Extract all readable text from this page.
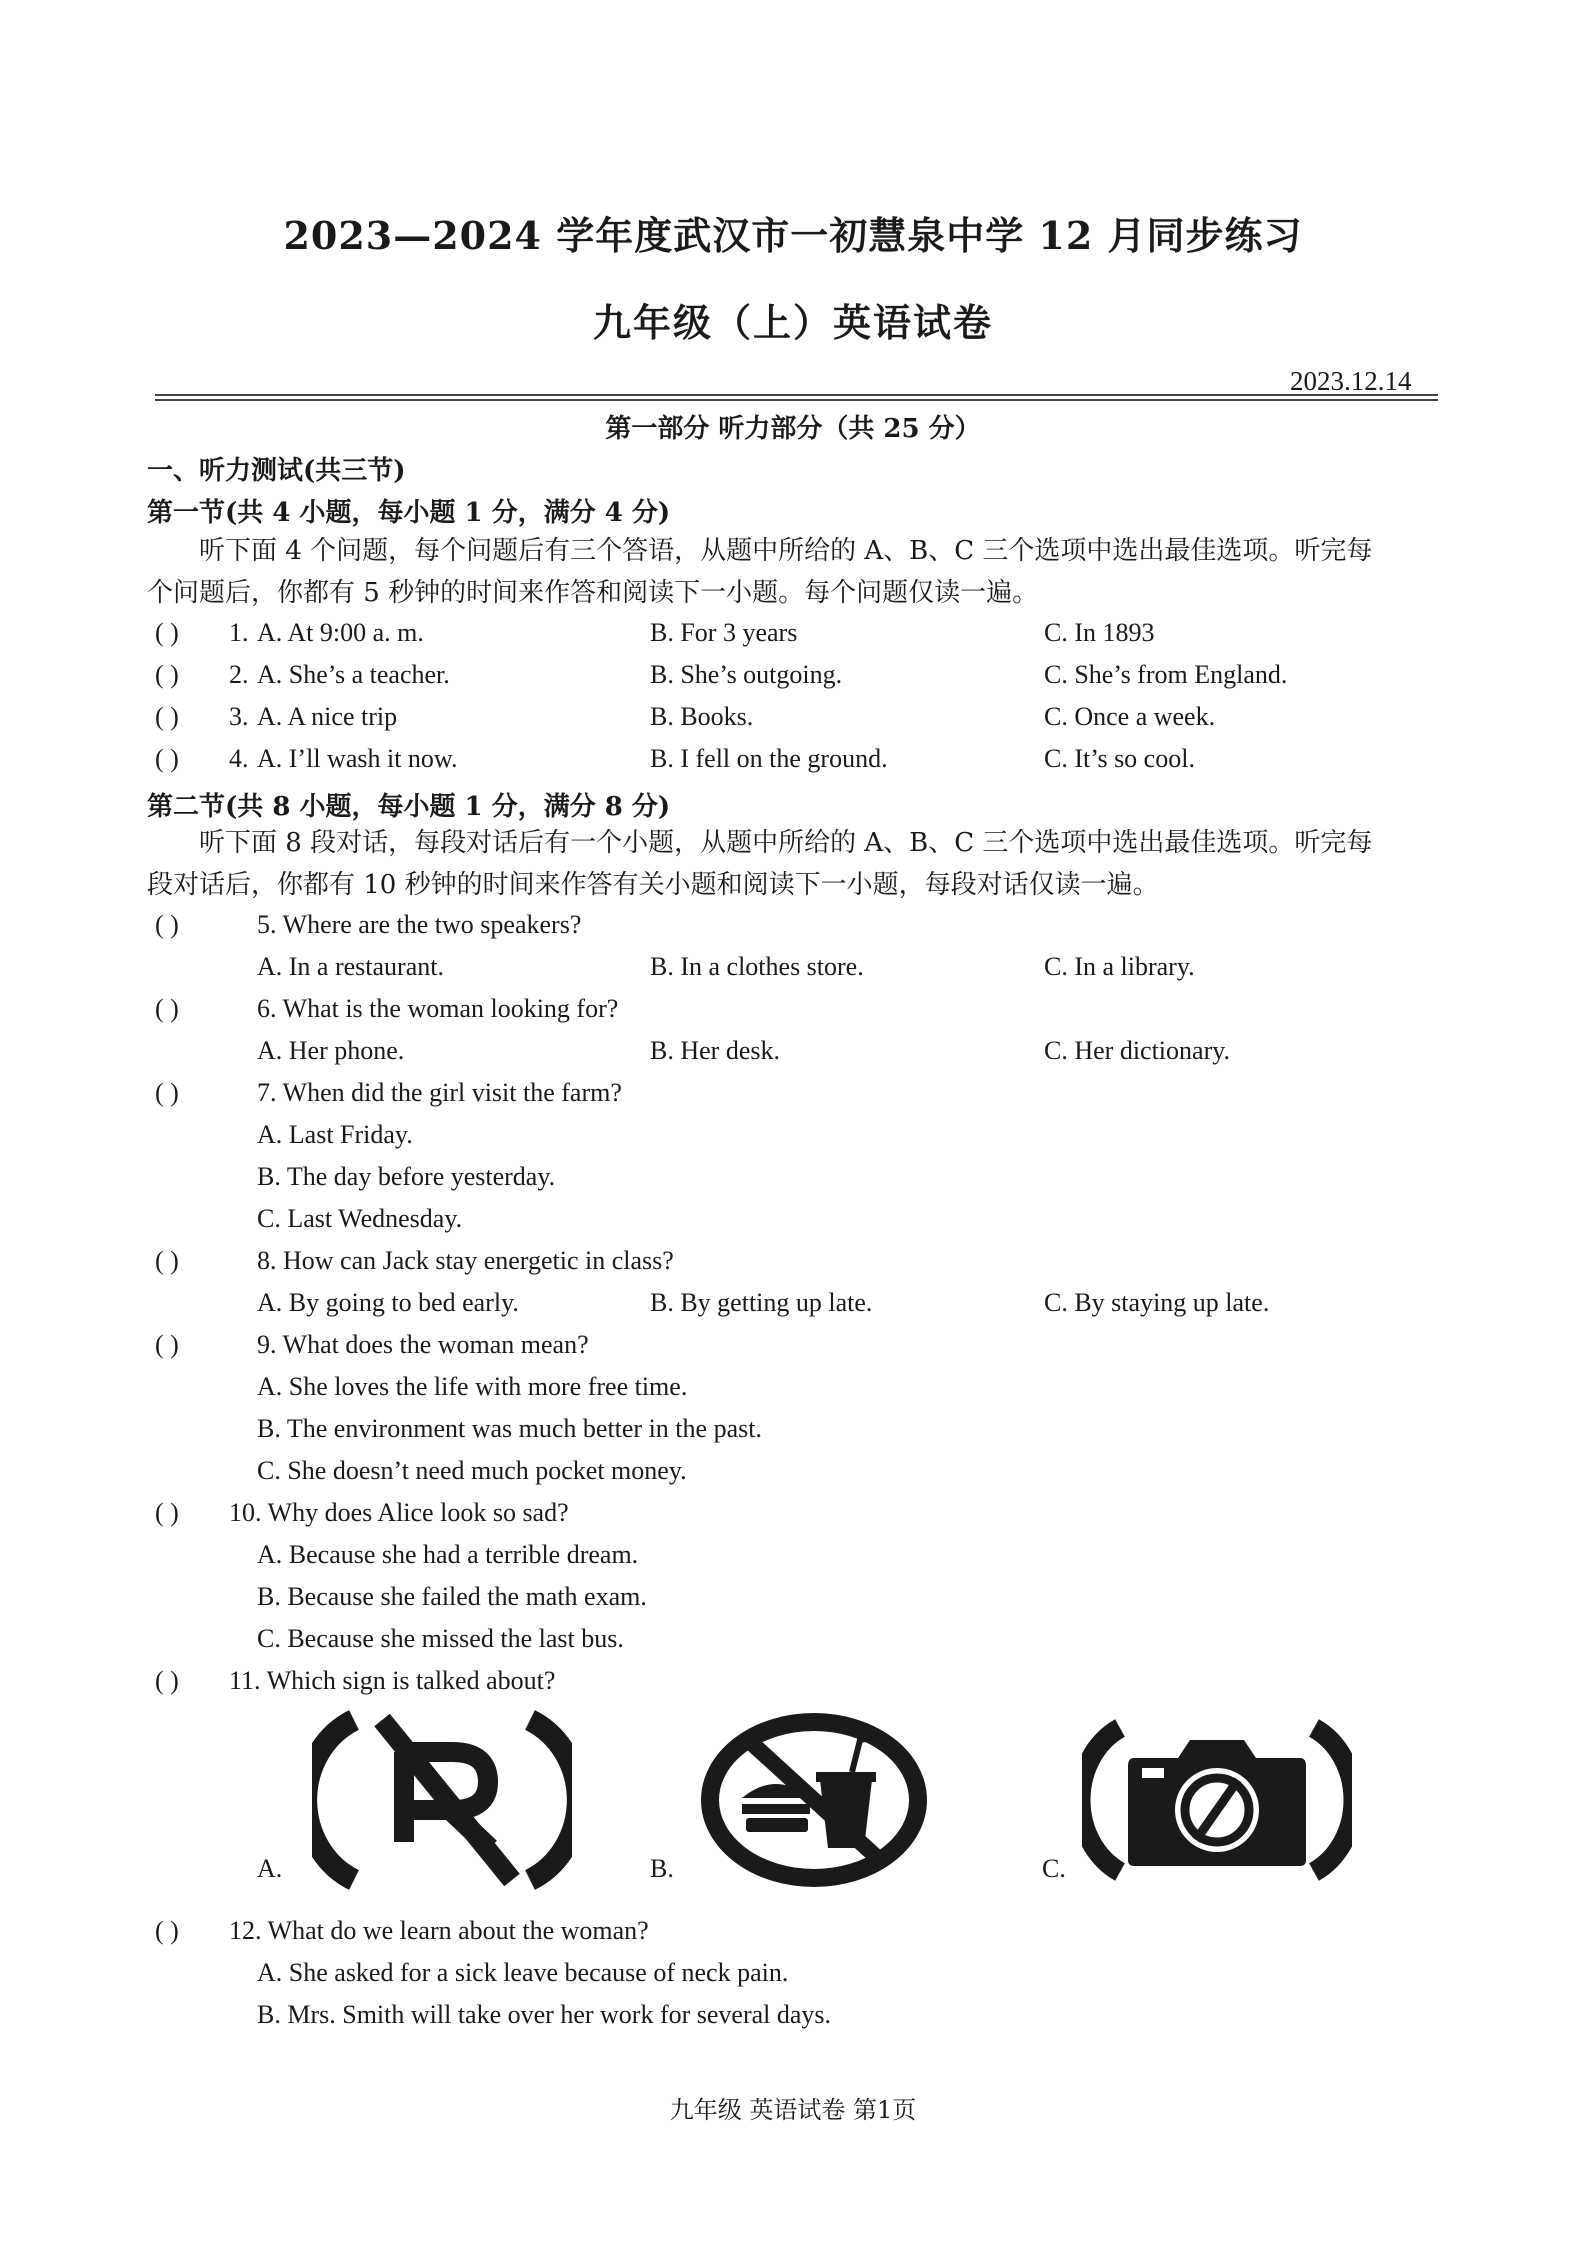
2023—2024 学年度武汉市一初慧泉中学 12 月同步练习
九年级（上）英语试卷
2023.12.14
第一部分 听力部分（共 25 分）
一、听力测试(共三节)
第一节(共 4 小题，每小题 1 分，满分 4 分)
听下面 4 个问题，每个问题后有三个答语，从题中所给的 A、B、C 三个选项中选出最佳选项。听完每
个问题后，你都有 5 秒钟的时间来作答和阅读下一小题。每个问题仅读一遍。
( ) 1. A. At 9:00 a. m.	B. For 3 years	C. In 1893
( ) 2. A. She’s a teacher.	B. She’s outgoing.	C. She’s from England.
( ) 3. A. A nice trip	B. Books.	C. Once a week.
( ) 4. A. I’ll wash it now.	B. I fell on the ground.	C. It’s so cool.
第二节(共 8 小题，每小题 1 分，满分 8 分)
听下面 8 段对话，每段对话后有一个小题，从题中所给的 A、B、C 三个选项中选出最佳选项。听完每
段对话后，你都有 10 秒钟的时间来作答有关小题和阅读下一小题，每段对话仅读一遍。
( )	5. Where are the two speakers?
A. In a restaurant.	B. In a clothes store.	C. In a library.
( )	6. What is the woman looking for?
A. Her phone.	B. Her desk.	C. Her dictionary.
( )	7. When did the girl visit the farm?
A. Last Friday.
B. The day before yesterday.
C. Last Wednesday.
( )	8. How can Jack stay energetic in class?
A. By going to bed early.	B. By getting up late.	C. By staying up late.
( )	9. What does the woman mean?
A. She loves the life with more free time.
B. The environment was much better in the past.
C. She doesn’t need much pocket money.
( ) 10. Why does Alice look so sad?
A. Because she had a terrible dream.
B. Because she failed the math exam.
C. Because she missed the last bus.
( ) 11. Which sign is talked about?
A.	B.	C.
( ) 12. What do we learn about the woman?
A. She asked for a sick leave because of neck pain.
B. Mrs. Smith will take over her work for several days.
九年级 英语试卷 第1页
